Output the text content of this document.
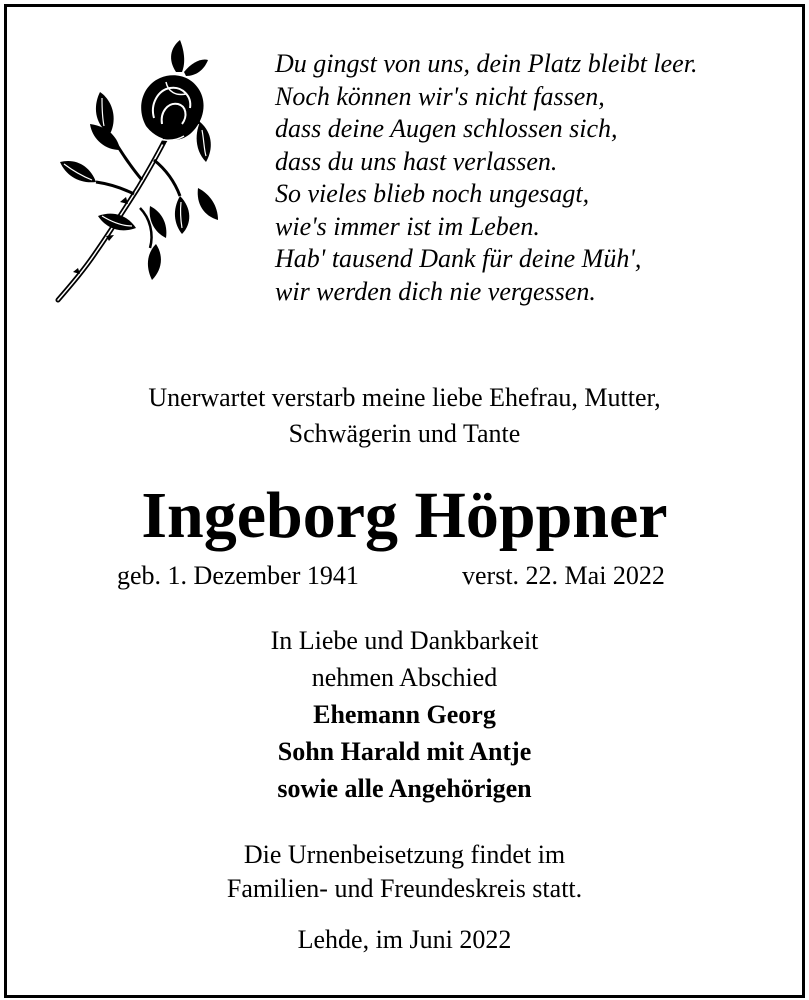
Du gingst von uns, dein Platz bleibt leer.
Noch können wir's nicht fassen,
dass deine Augen schlossen sich,
dass du uns hast verlassen.
So vieles blieb noch ungesagt,
wie's immer ist im Leben.
Hab' tausend Dank für deine Müh',
wir werden dich nie vergessen.
Unerwartet verstarb meine liebe Ehefrau, Mutter,
Schwägerin und Tante
Ingeborg Höppner
geb. 1. Dezember 1941	verst. 22. Mai 2022
In Liebe und Dankbarkeit
nehmen Abschied
Ehemann Georg
Sohn Harald mit Antje
sowie alle Angehörigen
Die Urnenbeisetzung findet im
Familien- und Freundeskreis statt.
Lehde, im Juni 2022
